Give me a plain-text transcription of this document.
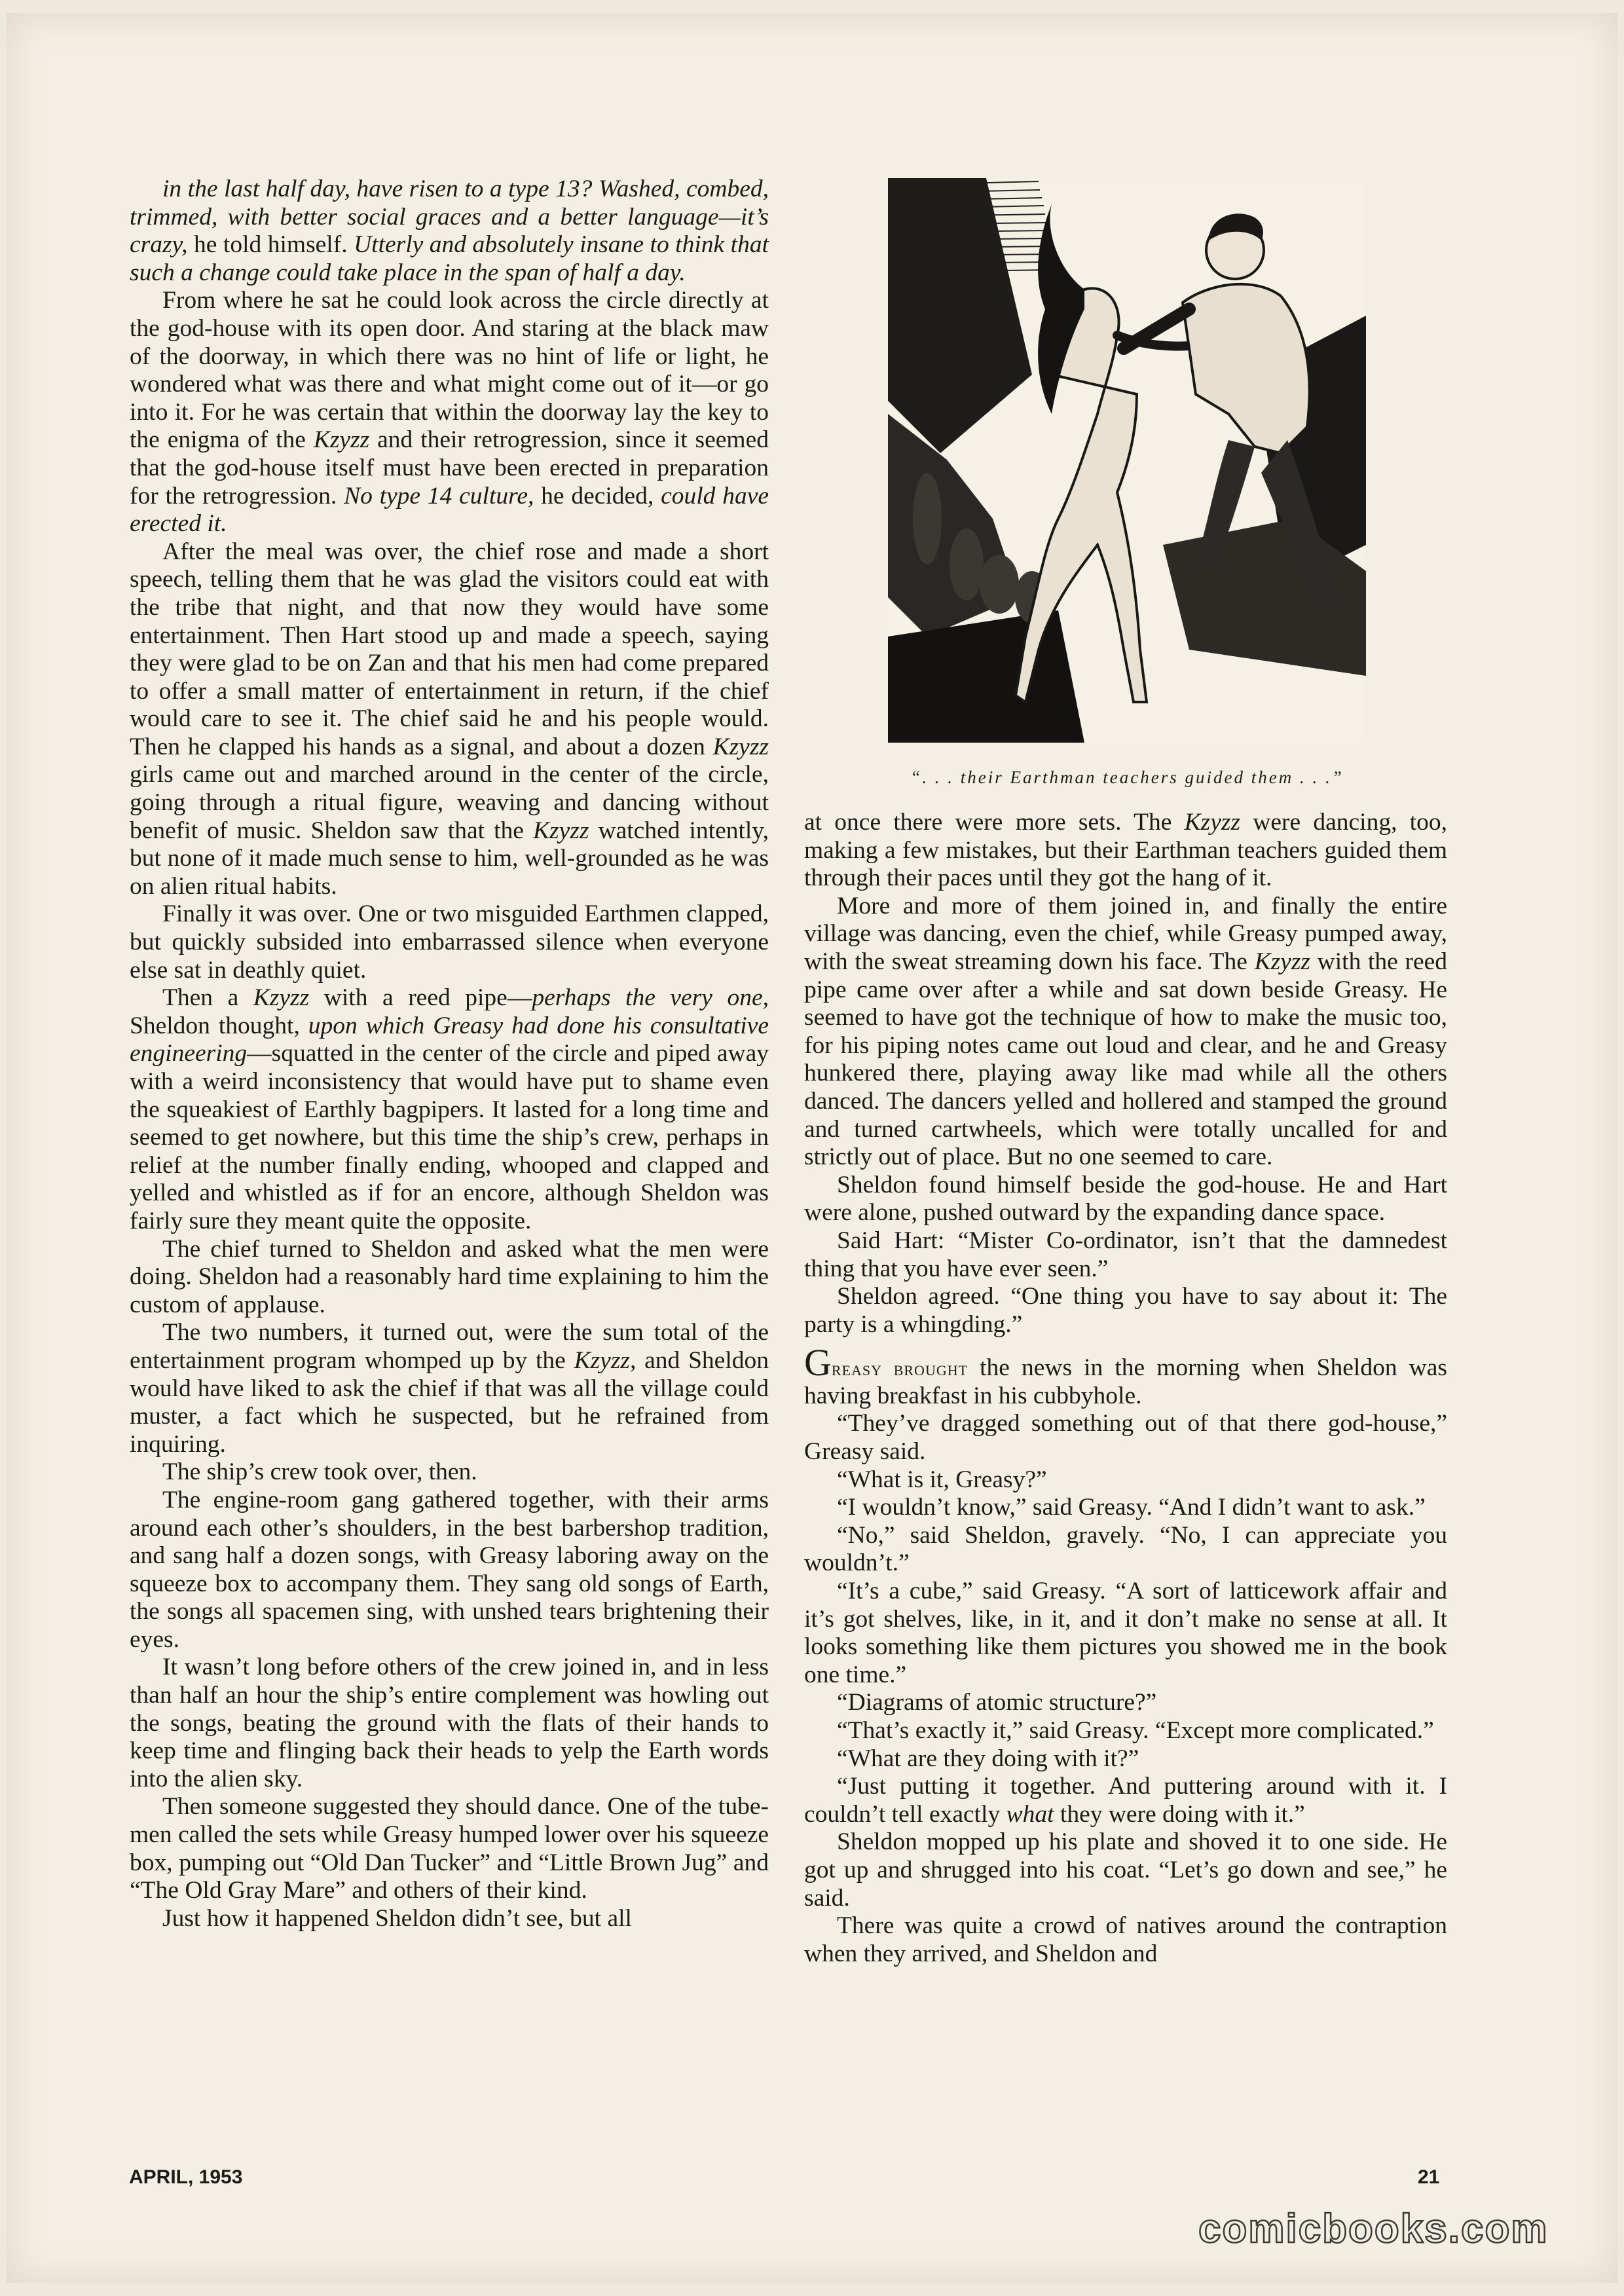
in the last half day, have risen to a type 13? Washed, combed, trimmed, with better social graces and a better language—it’s crazy, he told himself. Utterly and absolutely insane to think that such a change could take place in the span of half a day.

From where he sat he could look across the circle directly at the god-house with its open door. And staring at the black maw of the doorway, in which there was no hint of life or light, he wondered what was there and what might come out of it—or go into it. For he was certain that within the doorway lay the key to the enigma of the Kzyzz and their retrogression, since it seemed that the god-house itself must have been erected in preparation for the retrogression. No type 14 culture, he decided, could have erected it.

After the meal was over, the chief rose and made a short speech, telling them that he was glad the visitors could eat with the tribe that night, and that now they would have some entertainment. Then Hart stood up and made a speech, saying they were glad to be on Zan and that his men had come prepared to offer a small matter of entertainment in return, if the chief would care to see it. The chief said he and his people would. Then he clapped his hands as a signal, and about a dozen Kzyzz girls came out and marched around in the center of the circle, going through a ritual figure, weaving and dancing without benefit of music. Sheldon saw that the Kzyzz watched intently, but none of it made much sense to him, well-grounded as he was on alien ritual habits.

Finally it was over. One or two misguided Earthmen clapped, but quickly subsided into embarrassed silence when everyone else sat in deathly quiet.

Then a Kzyzz with a reed pipe—perhaps the very one, Sheldon thought, upon which Greasy had done his consultative engineering—squatted in the center of the circle and piped away with a weird inconsistency that would have put to shame even the squeakiest of Earthly bagpipers. It lasted for a long time and seemed to get nowhere, but this time the ship’s crew, perhaps in relief at the number finally ending, whooped and clapped and yelled and whistled as if for an encore, although Sheldon was fairly sure they meant quite the opposite.

The chief turned to Sheldon and asked what the men were doing. Sheldon had a reasonably hard time explaining to him the custom of applause.

The two numbers, it turned out, were the sum total of the entertainment program whomped up by the Kzyzz, and Sheldon would have liked to ask the chief if that was all the village could muster, a fact which he suspected, but he refrained from inquiring.

The ship’s crew took over, then.

The engine-room gang gathered together, with their arms around each other’s shoulders, in the best barbershop tradition, and sang half a dozen songs, with Greasy laboring away on the squeeze box to accompany them. They sang old songs of Earth, the songs all spacemen sing, with unshed tears brightening their eyes.

It wasn’t long before others of the crew joined in, and in less than half an hour the ship’s entire complement was howling out the songs, beating the ground with the flats of their hands to keep time and flinging back their heads to yelp the Earth words into the alien sky.

Then someone suggested they should dance. One of the tube-men called the sets while Greasy humped lower over his squeeze box, pumping out “Old Dan Tucker” and “Little Brown Jug” and “The Old Gray Mare” and others of their kind.

Just how it happened Sheldon didn’t see, but all

“. . . their Earthman teachers guided them . . .”

at once there were more sets. The Kzyzz were dancing, too, making a few mistakes, but their Earthman teachers guided them through their paces until they got the hang of it.

More and more of them joined in, and finally the entire village was dancing, even the chief, while Greasy pumped away, with the sweat streaming down his face. The Kzyzz with the reed pipe came over after a while and sat down beside Greasy. He seemed to have got the technique of how to make the music too, for his piping notes came out loud and clear, and he and Greasy hunkered there, playing away like mad while all the others danced. The dancers yelled and hollered and stamped the ground and turned cartwheels, which were totally uncalled for and strictly out of place. But no one seemed to care.

Sheldon found himself beside the god-house. He and Hart were alone, pushed outward by the expanding dance space.

Said Hart: “Mister Co-ordinator, isn’t that the damnedest thing that you have ever seen.”

Sheldon agreed. “One thing you have to say about it: The party is a whingding.”

Greasy brought the news in the morning when Sheldon was having breakfast in his cubbyhole.

“They’ve dragged something out of that there god-house,” Greasy said.

“What is it, Greasy?”

“I wouldn’t know,” said Greasy. “And I didn’t want to ask.”

“No,” said Sheldon, gravely. “No, I can appreciate you wouldn’t.”

“It’s a cube,” said Greasy. “A sort of latticework affair and it’s got shelves, like, in it, and it don’t make no sense at all. It looks something like them pictures you showed me in the book one time.”

“Diagrams of atomic structure?”

“That’s exactly it,” said Greasy. “Except more complicated.”

“What are they doing with it?”

“Just putting it together. And puttering around with it. I couldn’t tell exactly what they were doing with it.”

Sheldon mopped up his plate and shoved it to one side. He got up and shrugged into his coat. “Let’s go down and see,” he said.

There was quite a crowd of natives around the contraption when they arrived, and Sheldon and

APRIL, 1953	21
comicbooks.com
